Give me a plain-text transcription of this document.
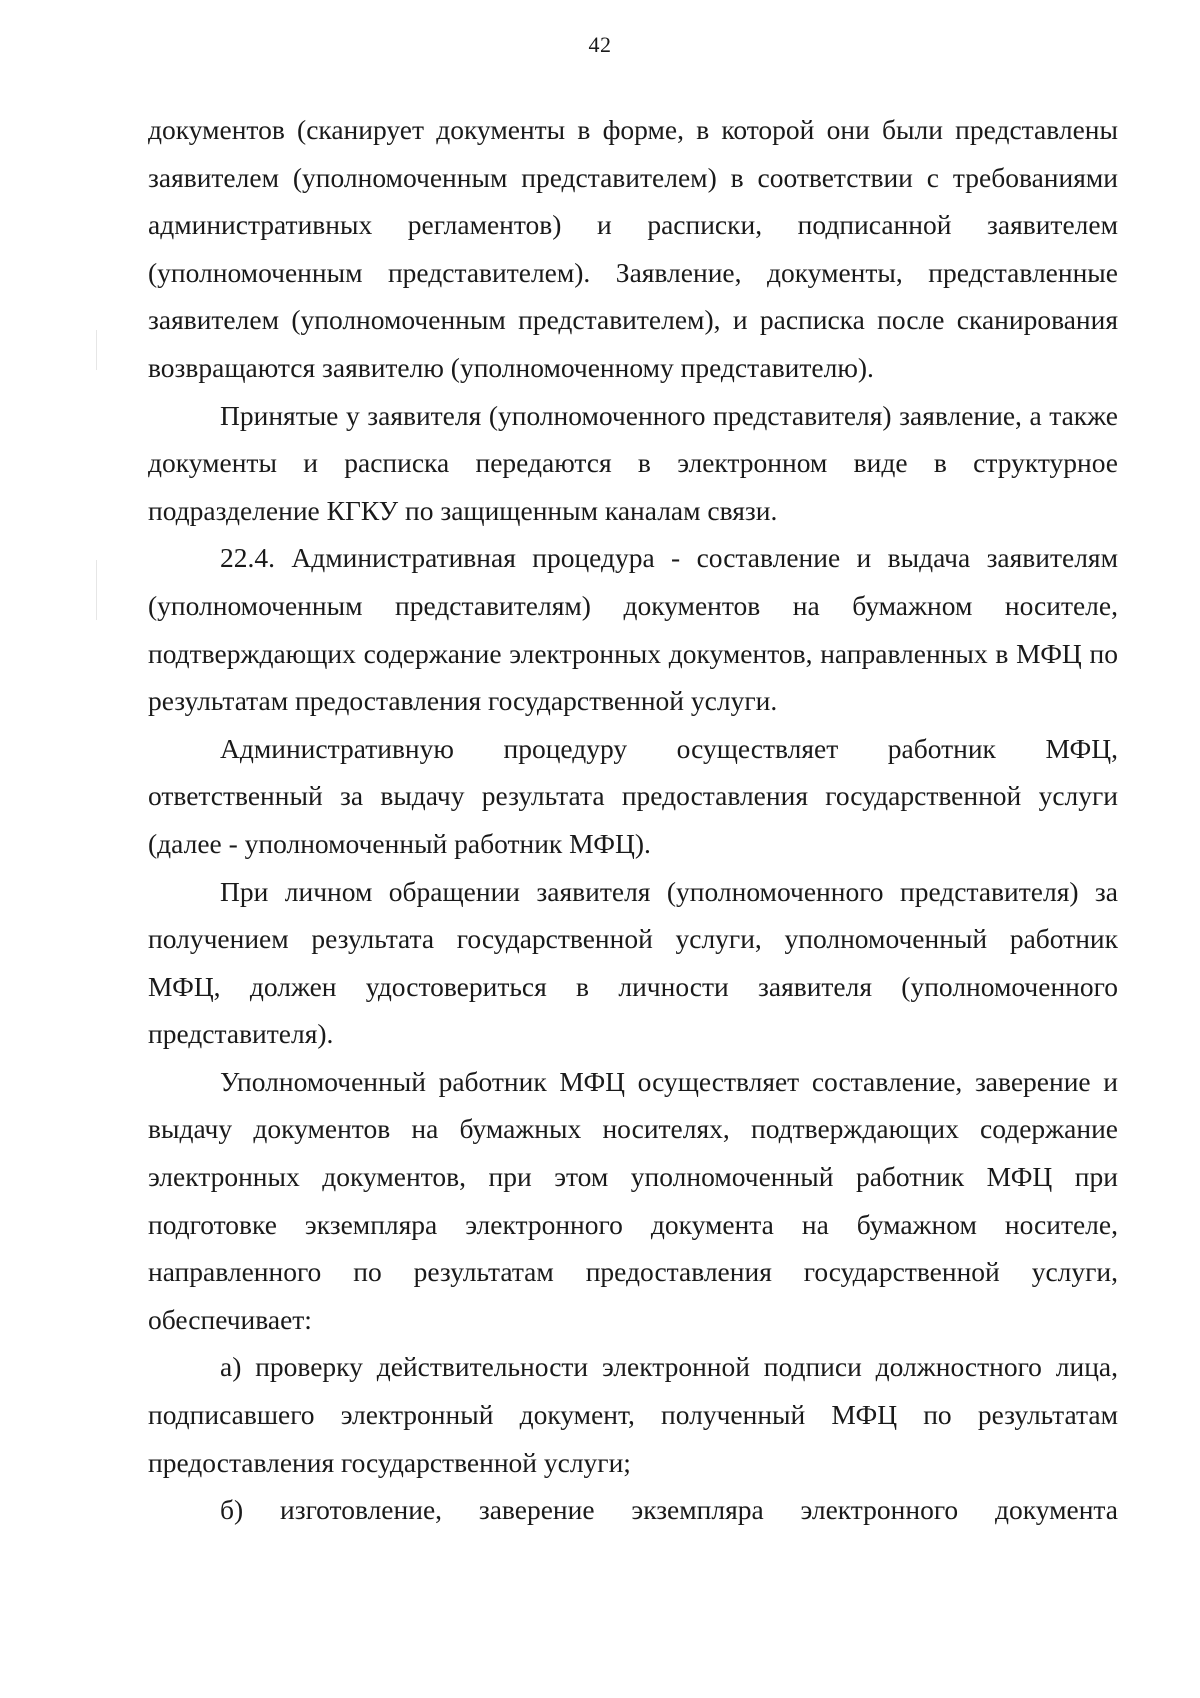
42

документов (сканирует документы в форме, в которой они были представлены заявителем (уполномоченным представителем) в соответствии с требованиями административных регламентов) и расписки, подписанной заявителем (уполномоченным представителем). Заявление, документы, представленные заявителем (уполномоченным представителем), и расписка после сканирования возвращаются заявителю (уполномоченному представителю).

Принятые у заявителя (уполномоченного представителя) заявление, а также документы и расписка передаются в электронном виде в структурное подразделение КГКУ по защищенным каналам связи.

22.4. Административная процедура - составление и выдача заявителям (уполномоченным представителям) документов на бумажном носителе, подтверждающих содержание электронных документов, направленных в МФЦ по результатам предоставления государственной услуги.

Административную процедуру осуществляет работник МФЦ, ответственный за выдачу результата предоставления государственной услуги (далее - уполномоченный работник МФЦ).

При личном обращении заявителя (уполномоченного представителя) за получением результата государственной услуги, уполномоченный работник МФЦ, должен удостовериться в личности заявителя (уполномоченного представителя).

Уполномоченный работник МФЦ осуществляет составление, заверение и выдачу документов на бумажных носителях, подтверждающих содержание электронных документов, при этом уполномоченный работник МФЦ при подготовке экземпляра электронного документа на бумажном носителе, направленного по результатам предоставления государственной услуги, обеспечивает:

а) проверку действительности электронной подписи должностного лица, подписавшего электронный документ, полученный МФЦ по результатам предоставления государственной услуги;

б) изготовление, заверение экземпляра электронного документа
